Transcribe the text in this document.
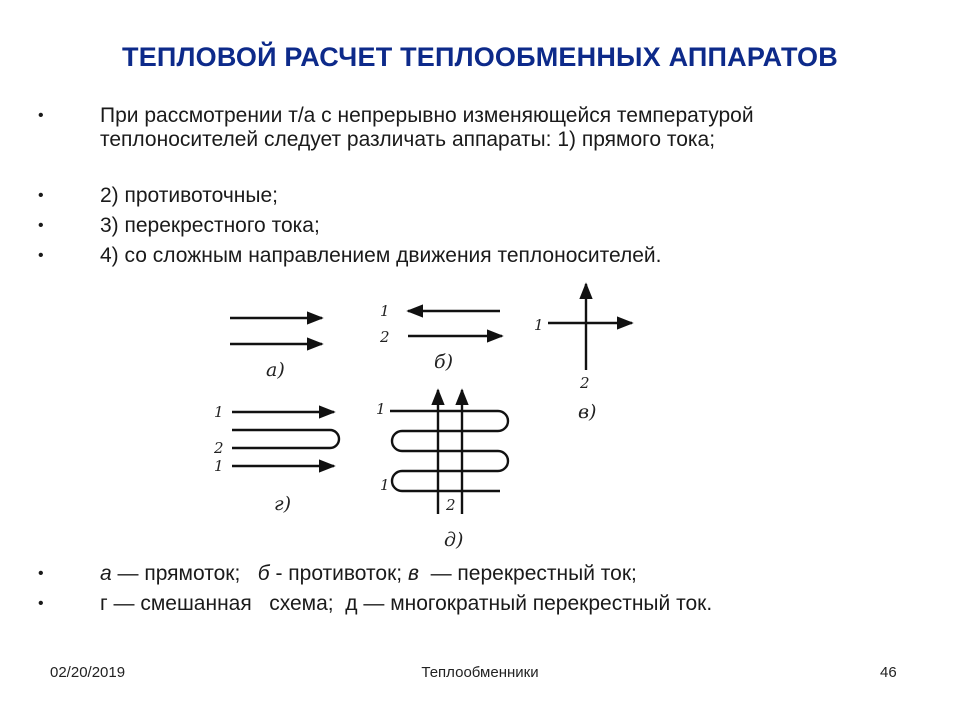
ТЕПЛОВОЙ РАСЧЕТ ТЕПЛООБМЕННЫХ АППАРАТОВ
•	При рассмотрении т/а с непрерывно изменяющейся температурой теплоносителей следует различать аппараты: 1) прямого тока;
•	2) противоточные;
•	3) перекрестного тока;
•	4) со сложным направлением движения теплоносителей.
а)
1
2
б)
1
2
в)
1
2
1
г)
1
1
2
д)
•	а — прямоток;   б - противоток; в  — перекрестный ток;
•	г — смешанная   схема;  д — многократный перекрестный ток.
02/20/2019	Теплообменники	46
